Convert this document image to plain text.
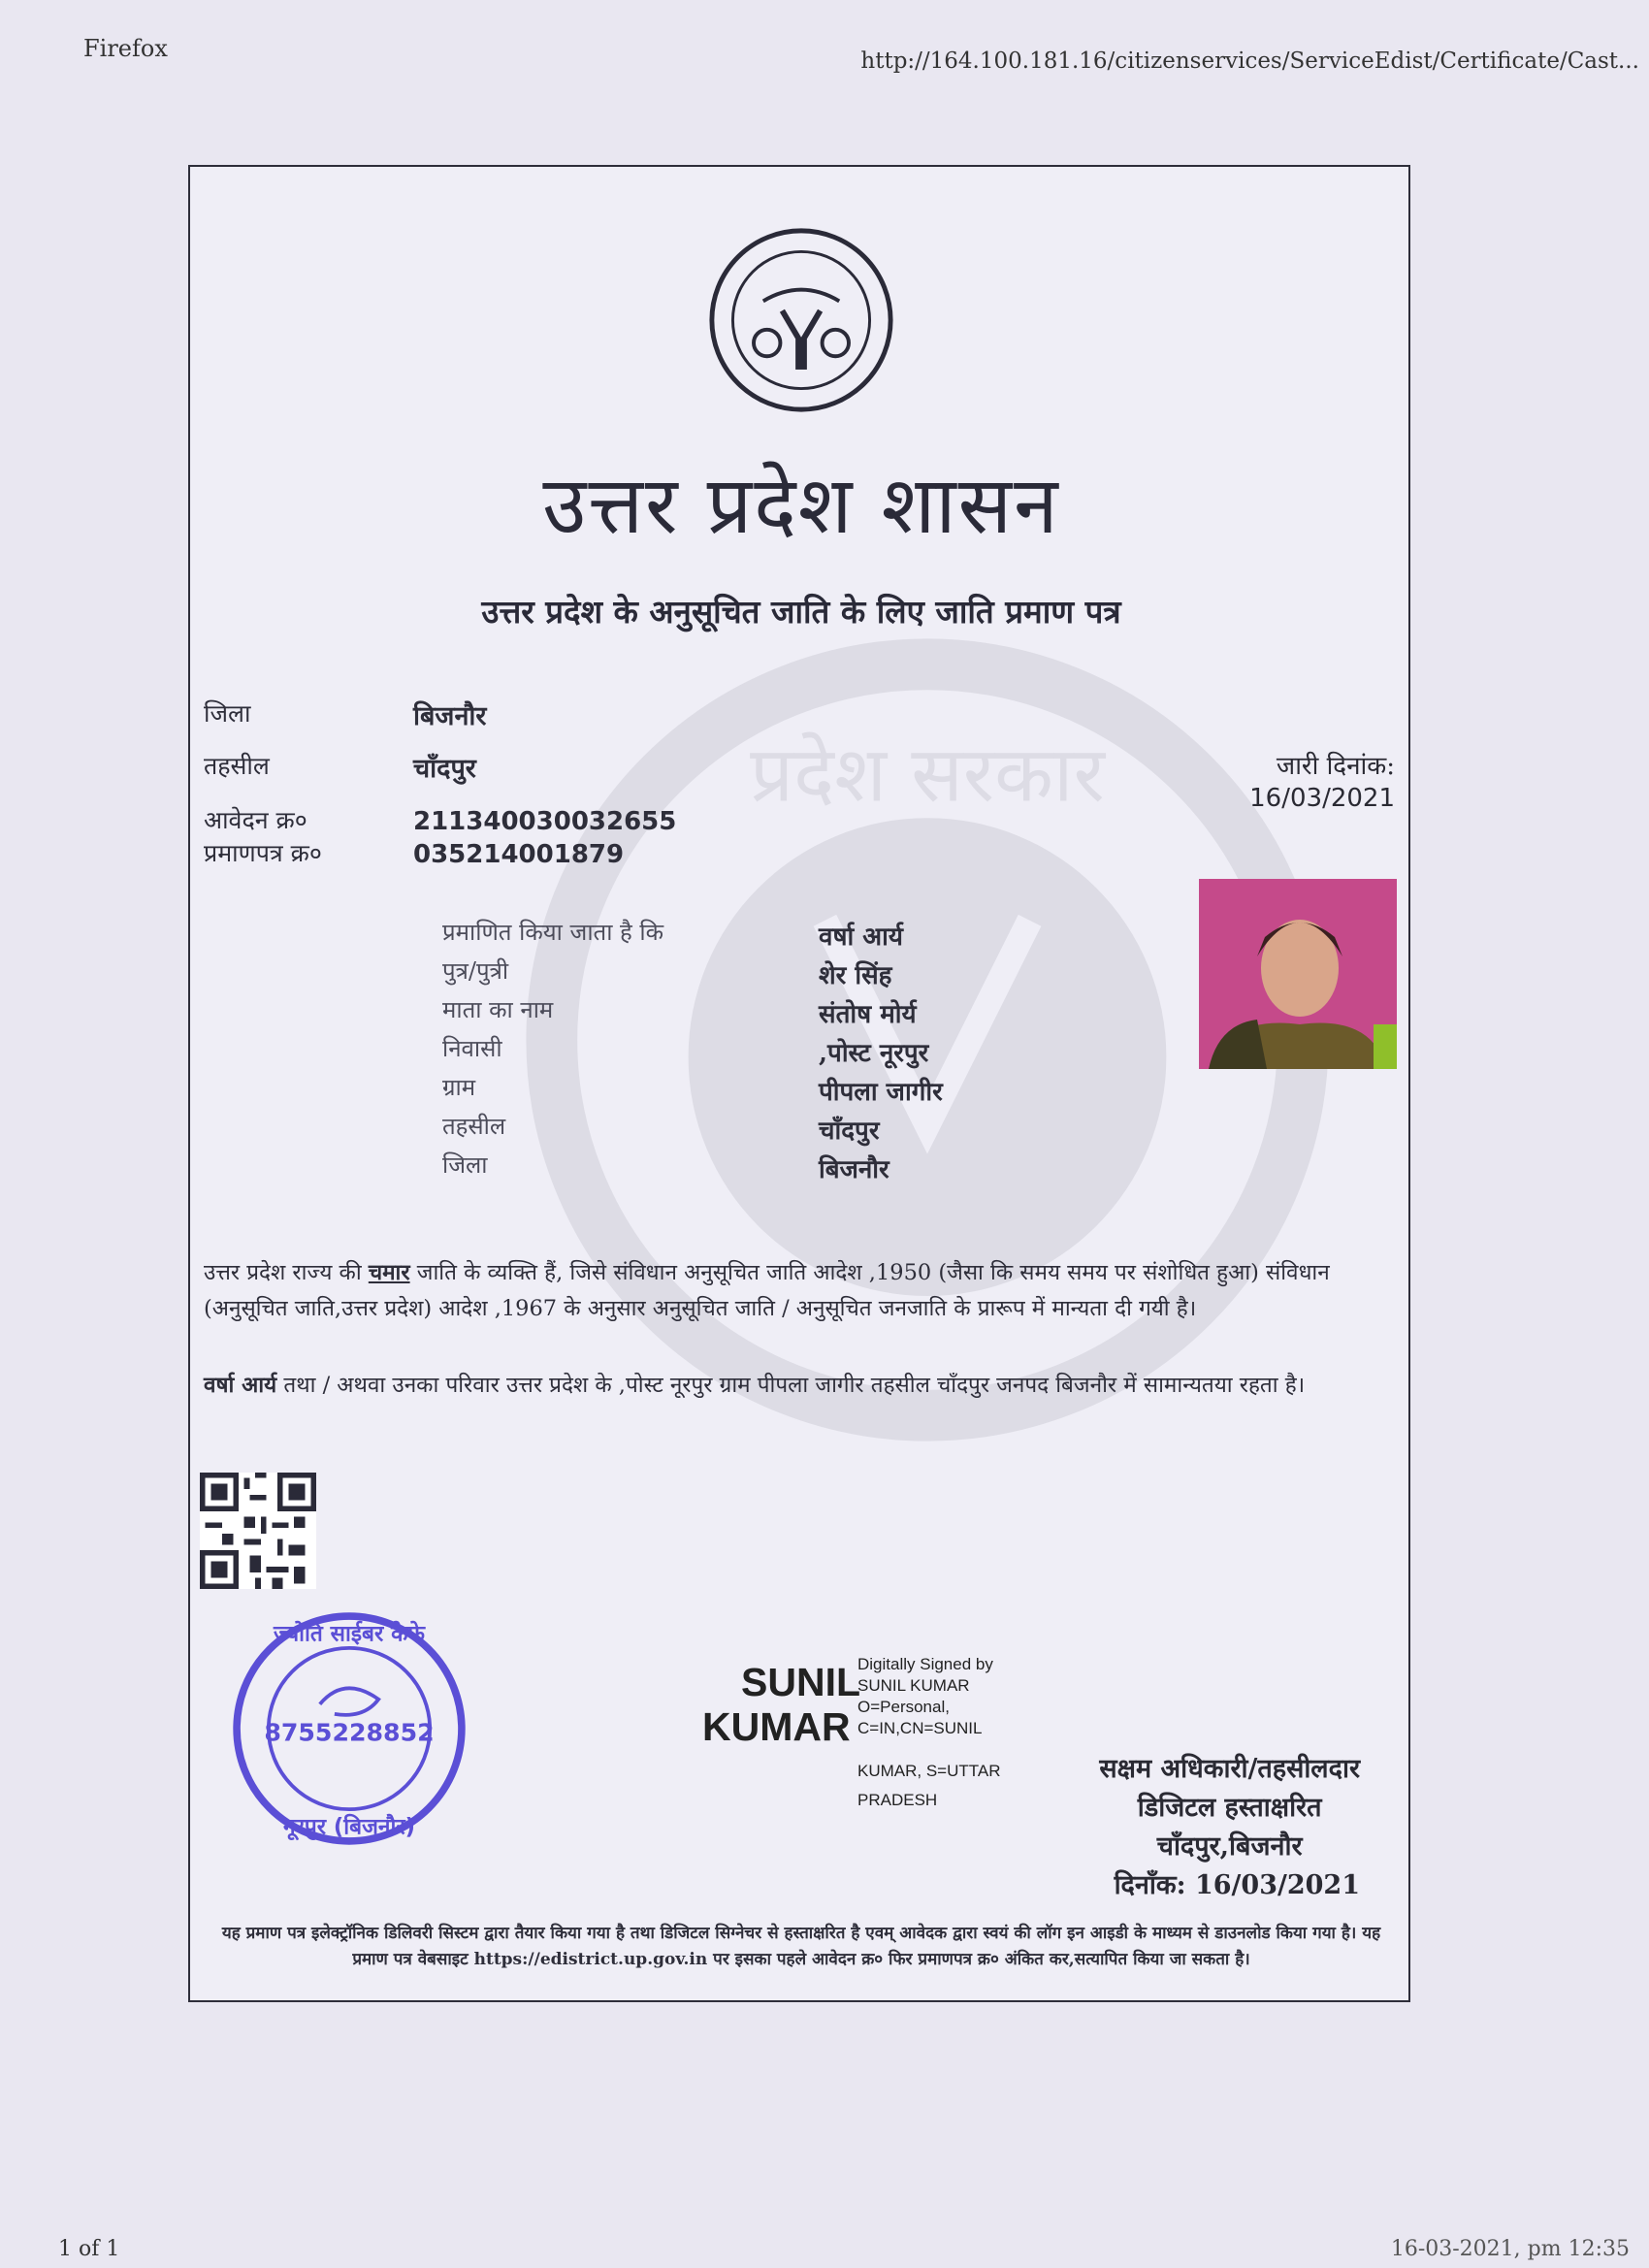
Firefox	http://164.100.181.16/citizenservices/ServiceEdist/Certificate/Cast...
प्रदेश सरकार
उत्तर प्रदेश शासन
उत्तर प्रदेश के अनुसूचित जाति के लिए जाति प्रमाण पत्र
जिला	बिजनौर
तहसील	चाँदपुर
आवेदन क्र०	211340030032655
प्रमाणपत्र क्र०	035214001879
जारी दिनांक:
16/03/2021
प्रमाणित किया जाता है कि	वर्षा आर्य
पुत्र/पुत्री	शेर सिंह
माता का नाम	संतोष मोर्य
निवासी	,पोस्ट नूरपुर
ग्राम	पीपला जागीर
तहसील	चाँदपुर
जिला	बिजनौर
उत्तर प्रदेश राज्य की चमार जाति के व्यक्ति हैं, जिसे संविधान अनुसूचित जाति आदेश ,1950 (जैसा कि समय समय पर संशोधित हुआ) संविधान (अनुसूचित जाति,उत्तर प्रदेश) आदेश ,1967 के अनुसार अनुसूचित जाति / अनुसूचित जनजाति के प्रारूप में मान्यता दी गयी है।
वर्षा आर्य तथा / अथवा उनका परिवार उत्तर प्रदेश के ,पोस्ट नूरपुर ग्राम पीपला जागीर तहसील चाँदपुर जनपद बिजनौर में सामान्यतया रहता है।
ज्योति साईबर कैफे
8755228852
नूरपुर (बिजनौर)
SUNIL
KUMAR
Digitally Signed by
SUNIL KUMAR
O=Personal,
C=IN,CN=SUNIL
KUMAR, S=UTTAR
PRADESH
सक्षम अधिकारी/तहसीलदार

डिजिटल हस्ताक्षरित
चाँदपुर,बिजनौर
दिनाँक: 16/03/2021
यह प्रमाण पत्र इलेक्ट्रॉनिक डिलिवरी सिस्टम द्वारा तैयार किया गया है तथा डिजिटल सिग्नेचर से हस्ताक्षरित है एवम् आवेदक द्वारा स्वयं की लॉग इन आइडी के माध्यम से डाउनलोड किया गया है। यह प्रमाण पत्र वेबसाइट https://edistrict.up.gov.in पर इसका पहले आवेदन क्र० फिर प्रमाणपत्र क्र० अंकित कर,सत्यापित किया जा सकता है।
1 of 1	16-03-2021, pm 12:35
